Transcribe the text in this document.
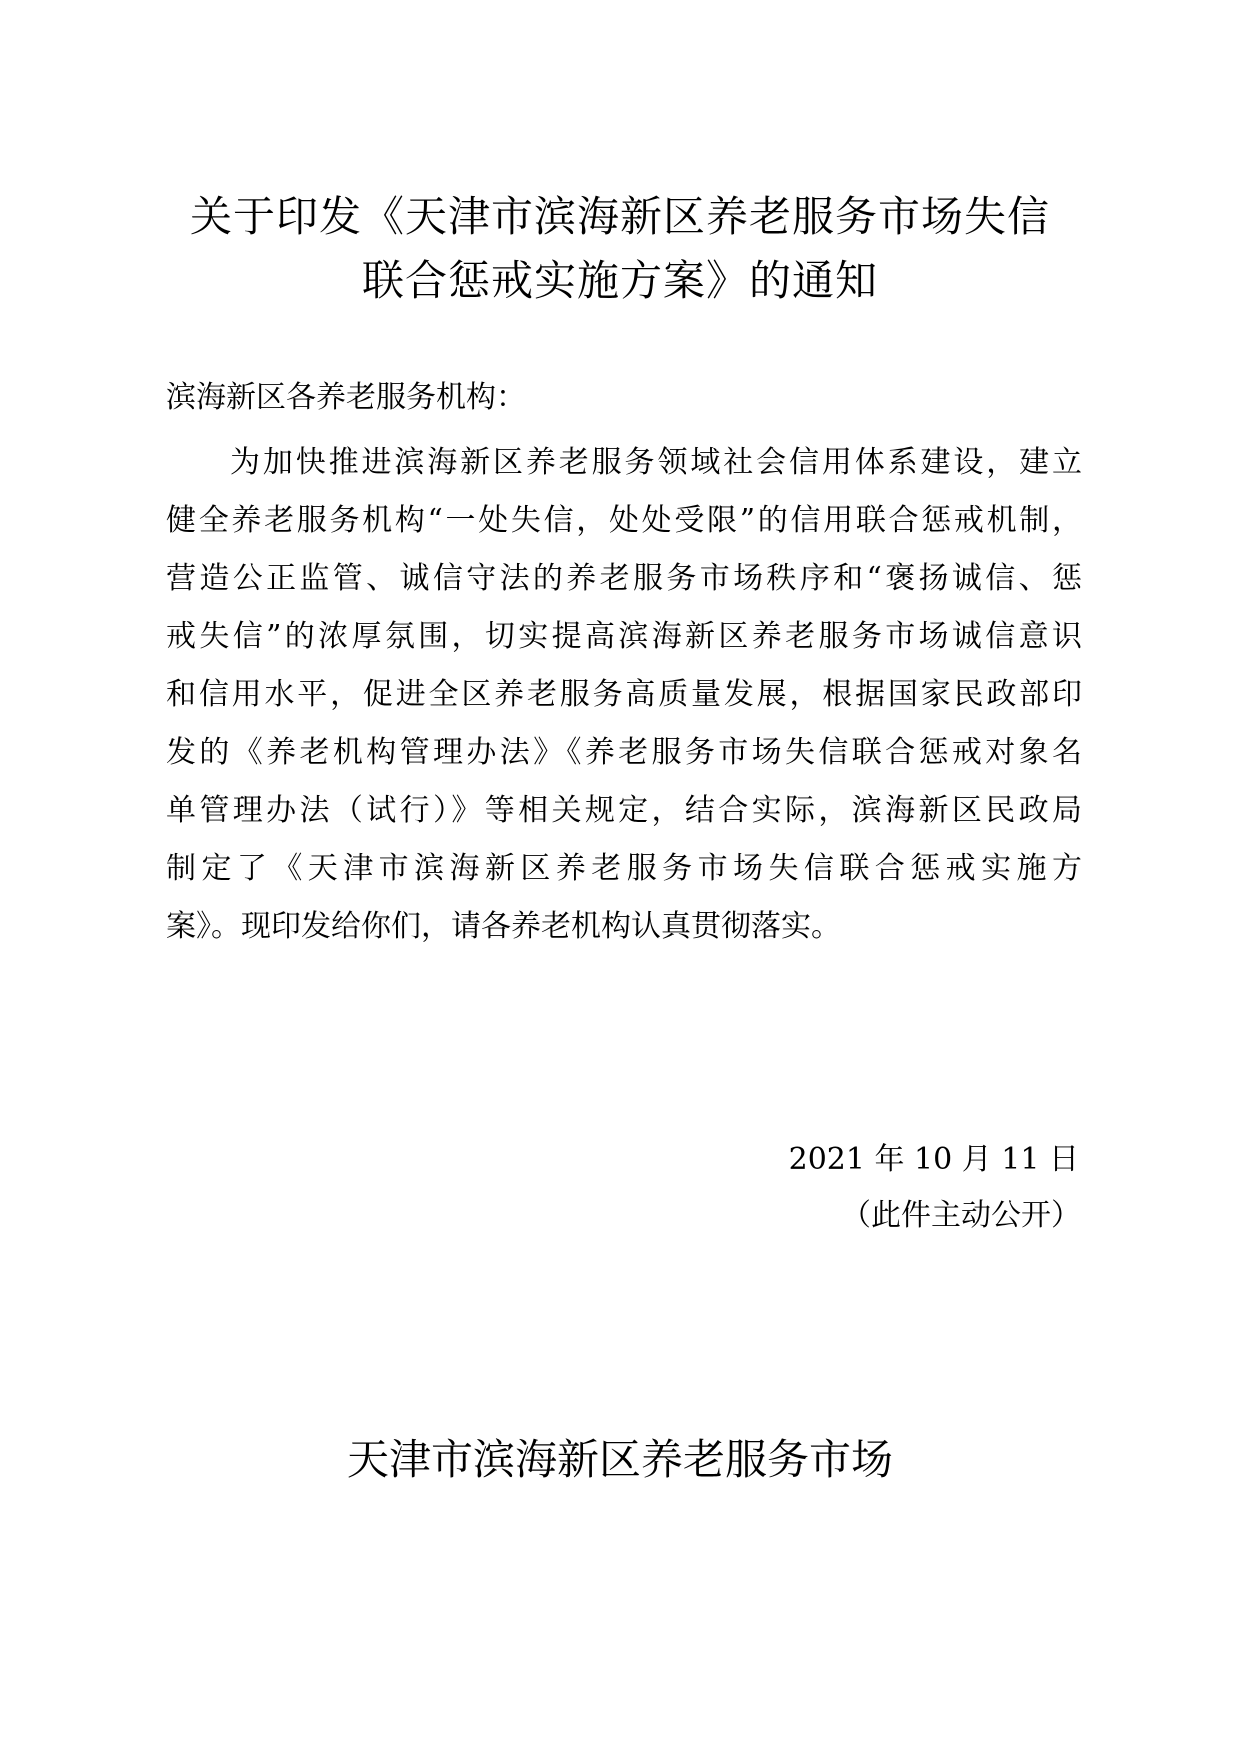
关于印发《天津市滨海新区养老服务市场失信
联合惩戒实施方案》的通知

滨海新区各养老服务机构：

为加快推进滨海新区养老服务领域社会信用体系建设，建立
健全养老服务机构“一处失信，处处受限”的信用联合惩戒机制，
营造公正监管、诚信守法的养老服务市场秩序和“褒扬诚信、惩
戒失信”的浓厚氛围，切实提高滨海新区养老服务市场诚信意识
和信用水平，促进全区养老服务高质量发展，根据国家民政部印
发的《养老机构管理办法》《养老服务市场失信联合惩戒对象名
单管理办法（试行）》等相关规定，结合实际，滨海新区民政局
制定了《天津市滨海新区养老服务市场失信联合惩戒实施方
案》。现印发给你们，请各养老机构认真贯彻落实。

2021 年 10 月 11 日

（此件主动公开）

天津市滨海新区养老服务市场
